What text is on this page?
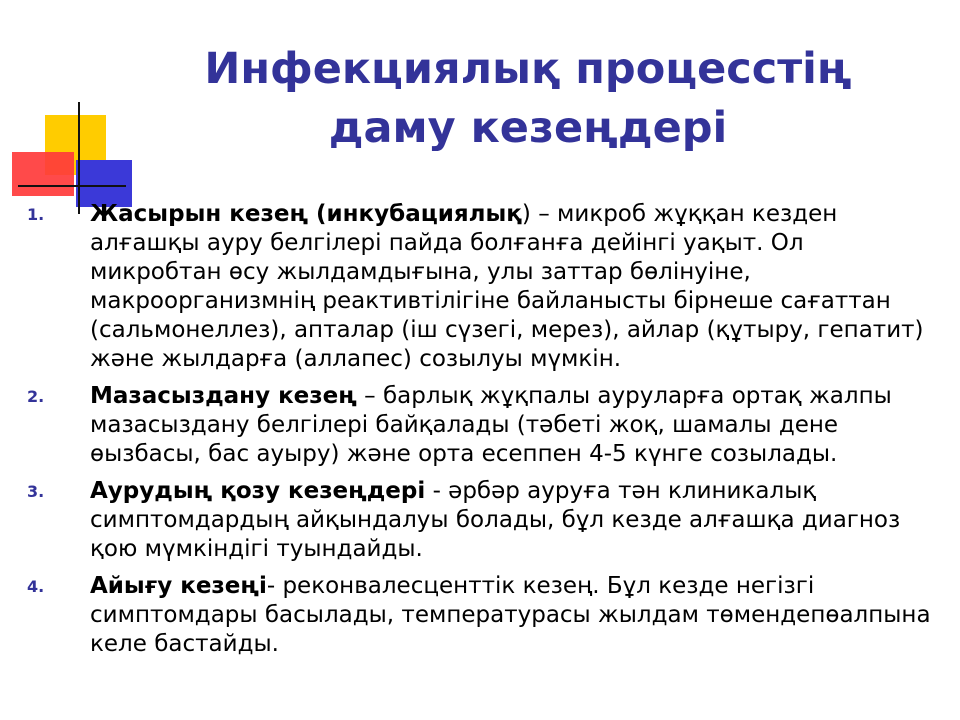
Инфекциялық процесстің
даму кезеңдері
1. Жасырын кезең (инкубациялық) – микроб жұққан кезден алғашқы ауру белгілері пайда болғанға дейінгі уақыт. Ол микробтан өсу жылдамдығына, улы заттар бөлінуіне, макроорганизмнің реактивтілігіне байланысты бірнеше сағаттан (сальмонеллез), апталар (іш сүзегі, мерез), айлар (құтыру, гепатит) және жылдарға (аллапес) созылуы мүмкін.
2. Мазасыздану кезең – барлық жұқпалы ауруларға ортақ жалпы мазасыздану белгілері байқалады (тәбеті жоқ, шамалы дене өызбасы, бас ауыру) және орта есеппен 4-5 күнге созылады.
3. Аурудың қозу кезеңдері - әрбәр ауруға тән клиникалық симптомдардың айқындалуы болады, бұл кезде алғашқа диагноз қою мүмкіндігі туындайды.
4. Айығу кезеңі- реконвалесценттік кезең. Бұл кезде негізгі симптомдары басылады, температурасы жылдам төмендепөалпына келе бастайды.
